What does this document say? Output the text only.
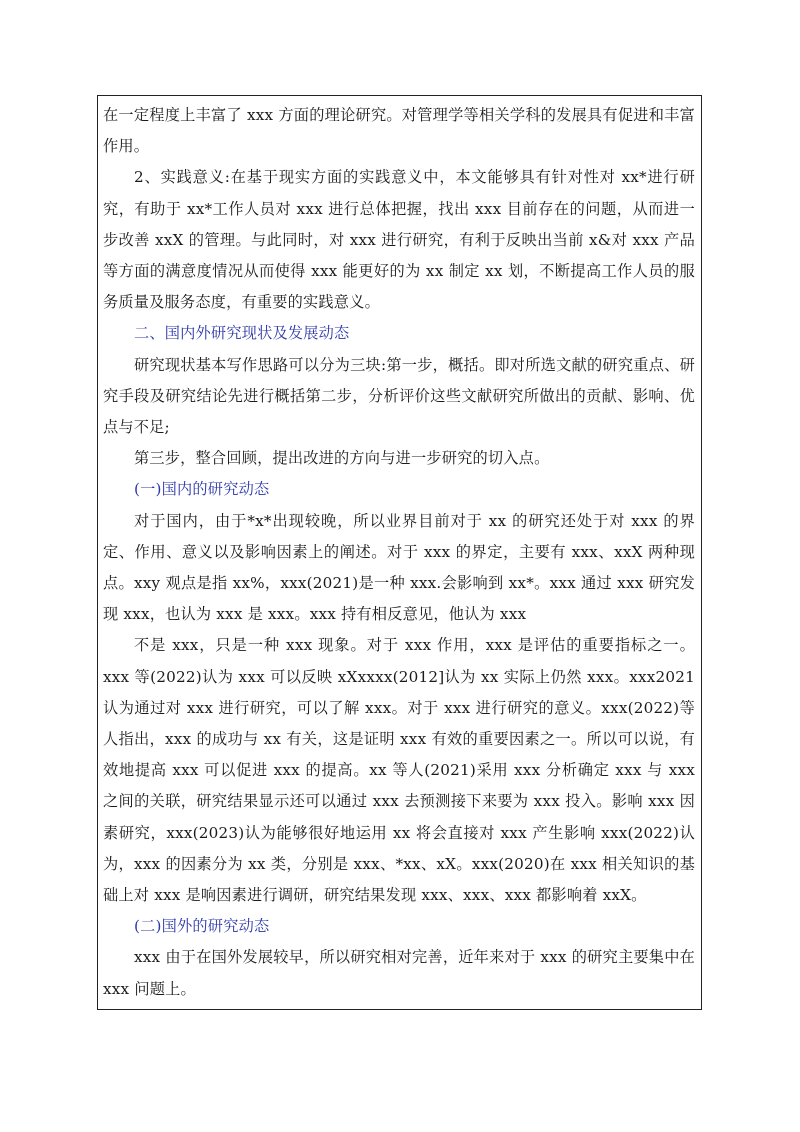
在一定程度上丰富了 xxx 方面的理论研究。对管理学等相关学科的发展具有促进和丰富作用。

2、实践意义:在基于现实方面的实践意义中，本文能够具有针对性对 xx*进行研究，有助于 xx*工作人员对 xxx 进行总体把握，找出 xxx 目前存在的问题，从而进一步改善 xxX 的管理。与此同时，对 xxx 进行研究，有利于反映出当前 x&对 xxx 产品等方面的满意度情况从而使得 xxx 能更好的为 xx 制定 xx 划，不断提高工作人员的服务质量及服务态度，有重要的实践意义。

二、国内外研究现状及发展动态

研究现状基本写作思路可以分为三块:第一步，概括。即对所选文献的研究重点、研究手段及研究结论先进行概括第二步，分析评价这些文献研究所做出的贡献、影响、优点与不足;

第三步，整合回顾，提出改进的方向与进一步研究的切入点。

(一)国内的研究动态

对于国内，由于*x*出现较晚，所以业界目前对于 xx 的研究还处于对 xxx 的界定、作用、意义以及影响因素上的阐述。对于 xxx 的界定，主要有 xxx、xxX 两种现点。xxy 观点是指 xx%，xxx(2021)是一种 xxx.会影响到 xx*。xxx 通过 xxx 研究发现 xxx，也认为 xxx 是 xxx。xxx 持有相反意见，他认为 xxx

不是 xxx，只是一种 xxx 现象。对于 xxx 作用，xxx 是评估的重要指标之一。xxx 等(2022)认为 xxx 可以反映 xXxxxx(2012]认为 xx 实际上仍然 xxx。xxx2021 认为通过对 xxx 进行研究，可以了解 xxx。对于 xxx 进行研究的意义。xxx(2022)等人指出，xxx 的成功与 xx 有关，这是证明 xxx 有效的重要因素之一。所以可以说，有效地提高 xxx 可以促进 xxx 的提高。xx 等人(2021)采用 xxx 分析确定 xxx 与 xxx 之间的关联，研究结果显示还可以通过 xxx 去预测接下来要为 xxx 投入。影响 xxx 因素研究，xxx(2023)认为能够很好地运用 xx 将会直接对 xxx 产生影响 xxx(2022)认为，xxx 的因素分为 xx 类，分别是 xxx、*xx、xX。xxx(2020)在 xxx 相关知识的基础上对 xxx 是响因素进行调研，研究结果发现 xxx、xxx、xxx 都影响着 xxX。

(二)国外的研究动态

xxx 由于在国外发展较早，所以研究相对完善，近年来对于 xxx 的研究主要集中在 xxx 问题上。
